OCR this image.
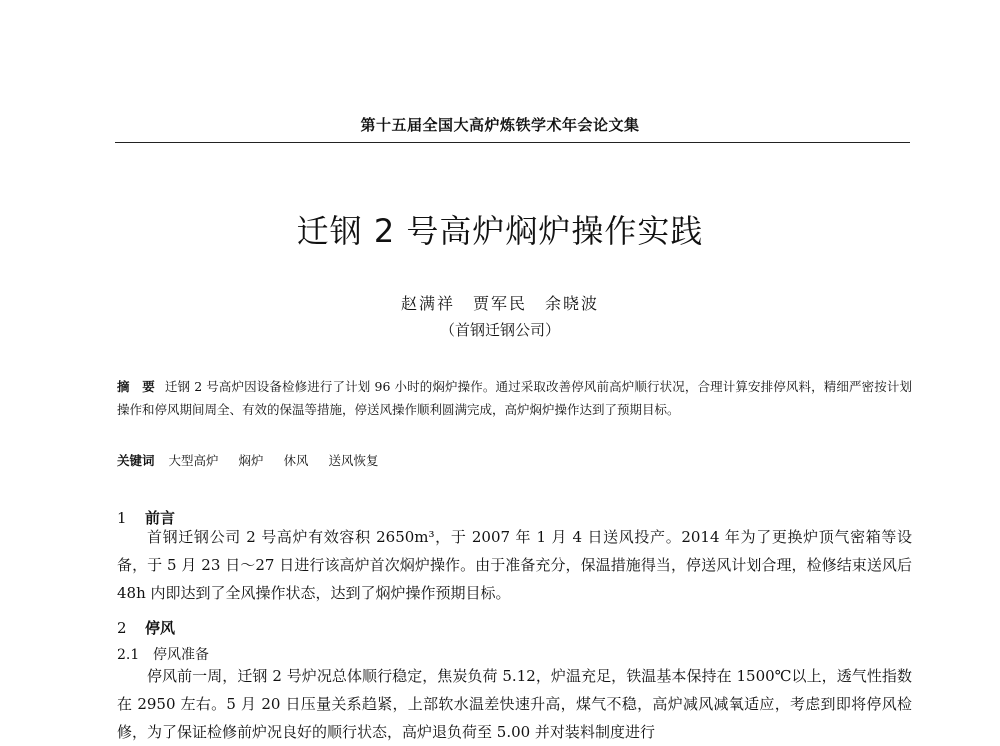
第十五届全国大高炉炼铁学术年会论文集
迁钢 2 号高炉焖炉操作实践
赵满祥　贾军民　余晓波
（首钢迁钢公司）
摘　要 迁钢 2 号高炉因设备检修进行了计划 96 小时的焖炉操作。通过采取改善停风前高炉顺行状况，合理计算安排停风料，精细严密按计划操作和停风期间周全、有效的保温等措施，停送风操作顺利圆满完成，高炉焖炉操作达到了预期目标。
关键词 大型高炉 焖炉 休风 送风恢复
1 前言
首钢迁钢公司 2 号高炉有效容积 2650m³，于 2007 年 1 月 4 日送风投产。2014 年为了更换炉顶气密箱等设备，于 5 月 23 日～27 日进行该高炉首次焖炉操作。由于准备充分，保温措施得当，停送风计划合理，检修结束送风后 48h 内即达到了全风操作状态，达到了焖炉操作预期目标。
2 停风
2.1 停风准备
停风前一周，迁钢 2 号炉况总体顺行稳定，焦炭负荷 5.12，炉温充足，铁温基本保持在 1500℃以上，透气性指数在 2950 左右。5 月 20 日压量关系趋紧，上部软水温差快速升高，煤气不稳，高炉减风减氧适应，考虑到即将停风检修，为了保证检修前炉况良好的顺行状态，高炉退负荷至 5.00 并对装料制度进行
